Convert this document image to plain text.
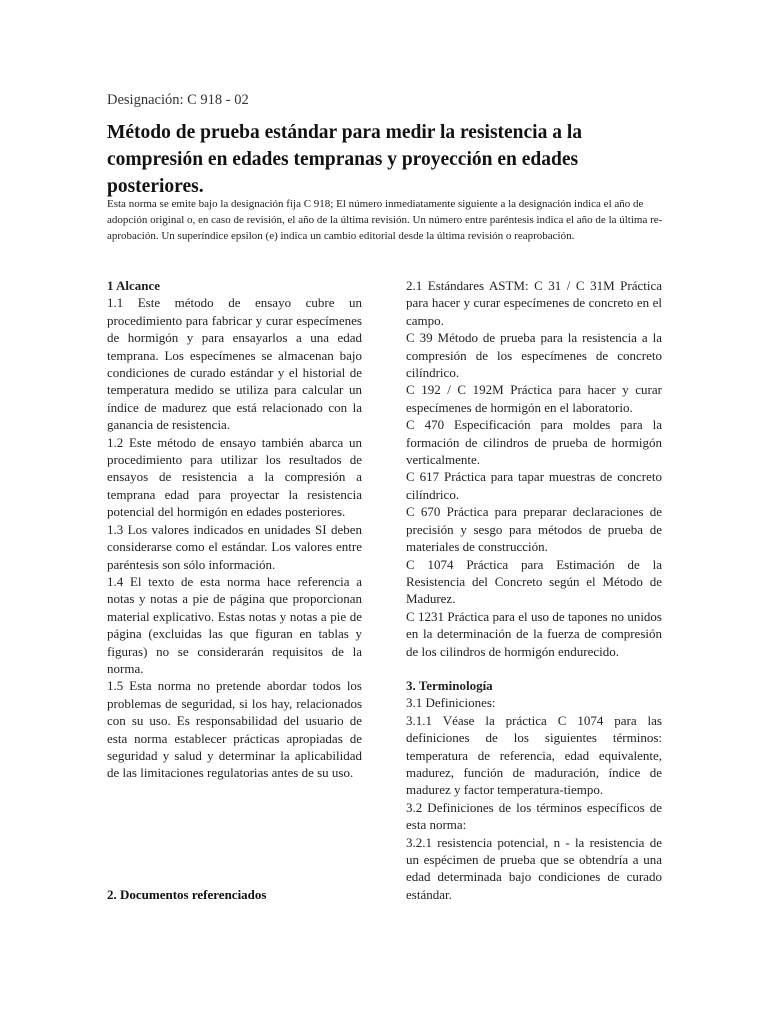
Designación: C 918 - 02
Método de prueba estándar para medir la resistencia a la compresión en edades tempranas y proyección en edades posteriores.
Esta norma se emite bajo la designación fija C 918; El número inmediatamente siguiente a la designación indica el año de adopción original o, en caso de revisión, el año de la última revisión. Un número entre paréntesis indica el año de la última re-aprobación. Un superíndice epsilon (e) indica un cambio editorial desde la última revisión o reaprobación.

1 Alcance

1.1 Este método de ensayo cubre un procedimiento para fabricar y curar especímenes de hormigón y para ensayarlos a una edad temprana. Los especímenes se almacenan bajo condiciones de curado estándar y el historial de temperatura medido se utiliza para calcular un índice de madurez que está relacionado con la ganancia de resistencia.

1.2 Este método de ensayo también abarca un procedimiento para utilizar los resultados de ensayos de resistencia a la compresión a temprana edad para proyectar la resistencia potencial del hormigón en edades posteriores.

1.3 Los valores indicados en unidades SI deben considerarse como el estándar. Los valores entre paréntesis son sólo información.

1.4 El texto de esta norma hace referencia a notas y notas a pie de página que proporcionan material explicativo. Estas notas y notas a pie de página (excluidas las que figuran en tablas y figuras) no se considerarán requisitos de la norma.

1.5 Esta norma no pretende abordar todos los problemas de seguridad, si los hay, relacionados con su uso. Es responsabilidad del usuario de esta norma establecer prácticas apropiadas de seguridad y salud y determinar la aplicabilidad de las limitaciones regulatorias antes de su uso.

2. Documentos referenciados

2.1 Estándares ASTM: C 31 / C 31M Práctica para hacer y curar especímenes de concreto en el campo.

C 39 Método de prueba para la resistencia a la compresión de los especímenes de concreto cilíndrico.

C 192 / C 192M Práctica para hacer y curar especímenes de hormigón en el laboratorio.

C 470 Especificación para moldes para la formación de cilindros de prueba de hormigón verticalmente.

C 617 Práctica para tapar muestras de concreto cilíndrico.

C 670 Práctica para preparar declaraciones de precisión y sesgo para métodos de prueba de materiales de construcción.

C 1074 Práctica para Estimación de la Resistencia del Concreto según el Método de Madurez.

C 1231 Práctica para el uso de tapones no unidos en la determinación de la fuerza de compresión de los cilindros de hormigón endurecido.

3. Terminología

3.1 Definiciones:

3.1.1 Véase la práctica C 1074 para las definiciones de los siguientes términos: temperatura de referencia, edad equivalente, madurez, función de maduración, índice de madurez y factor temperatura-tiempo.

3.2 Definiciones de los términos específicos de esta norma:

3.2.1 resistencia potencial, n - la resistencia de un espécimen de prueba que se obtendría a una edad determinada bajo condiciones de curado estándar.
